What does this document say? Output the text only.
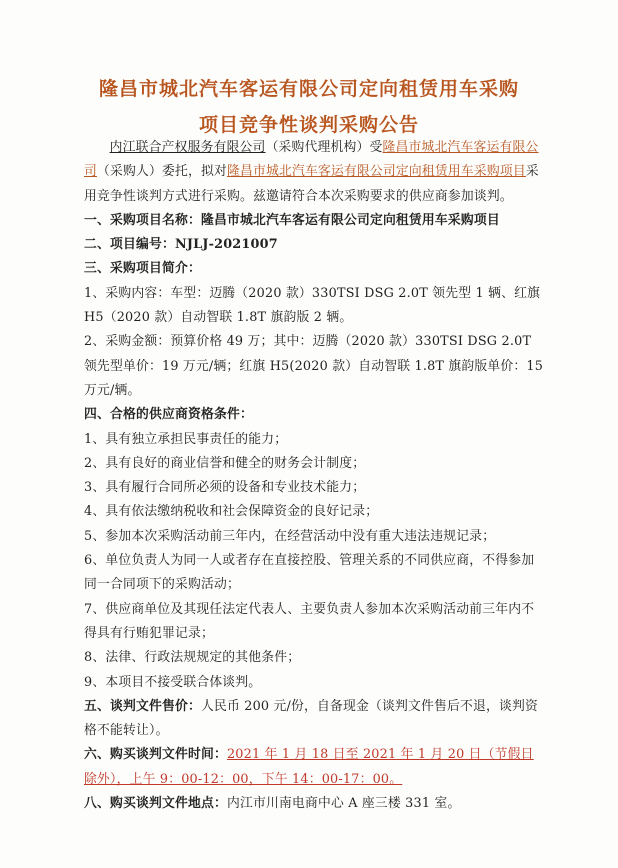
隆昌市城北汽车客运有限公司定向租赁用车采购
项目竞争性谈判采购公告

内江联合产权服务有限公司（采购代理机构）受隆昌市城北汽车客运有限公司（采购人）委托，拟对隆昌市城北汽车客运有限公司定向租赁用车采购项目采用竞争性谈判方式进行采购。兹邀请符合本次采购要求的供应商参加谈判。

一、采购项目名称：隆昌市城北汽车客运有限公司定向租赁用车采购项目

二、项目编号：NJLJ-2021007

三、采购项目简介：

1、采购内容：车型：迈腾（2020 款）330TSI DSG 2.0T 领先型 1 辆、红旗 H5（2020 款）自动智联 1.8T 旗韵版 2 辆。

2、采购金额：预算价格 49 万；其中：迈腾（2020 款）330TSI DSG 2.0T 领先型单价：19 万元/辆；红旗 H5(2020 款）自动智联 1.8T 旗韵版单价：15 万元/辆。

四、合格的供应商资格条件：

1、具有独立承担民事责任的能力；

2、具有良好的商业信誉和健全的财务会计制度；

3、具有履行合同所必须的设备和专业技术能力；

4、具有依法缴纳税收和社会保障资金的良好记录；

5、参加本次采购活动前三年内，在经营活动中没有重大违法违规记录；

6、单位负责人为同一人或者存在直接控股、管理关系的不同供应商，不得参加同一合同项下的采购活动；

7、供应商单位及其现任法定代表人、主要负责人参加本次采购活动前三年内不得具有行贿犯罪记录；

8、法律、行政法规规定的其他条件；

9、本项目不接受联合体谈判。

五、谈判文件售价：人民币 200 元/份，自备现金（谈判文件售后不退，谈判资格不能转让）。

六、购买谈判文件时间：2021 年 1 月 18 日至 2021 年 1 月 20 日（节假日除外），上午 9：00-12：00，下午 14：00-17：00。

八、购买谈判文件地点：内江市川南电商中心 A 座三楼 331 室。
